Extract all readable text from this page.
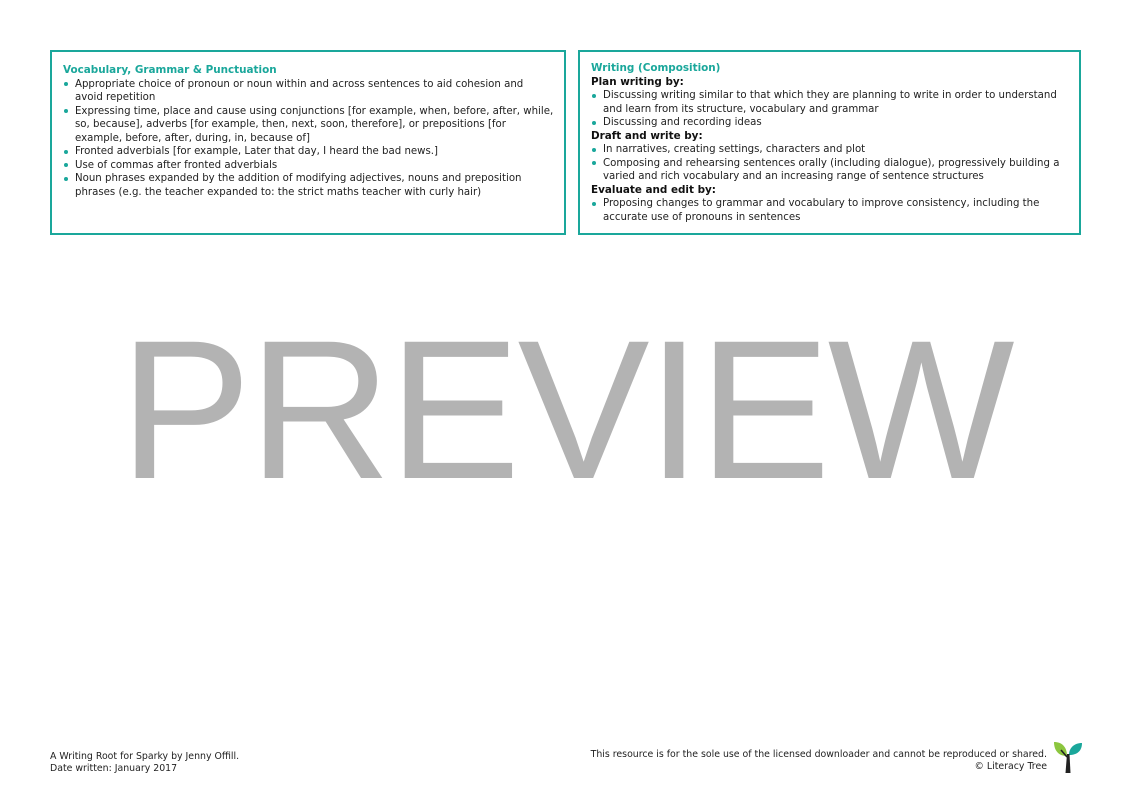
Vocabulary, Grammar & Punctuation

Appropriate choice of pronoun or noun within and across sentences to aid cohesion and avoid repetition
Expressing time, place and cause using conjunctions [for example, when, before, after, while, so, because], adverbs [for example, then, next, soon, therefore], or prepositions [for example, before, after, during, in, because of]
Fronted adverbials [for example, Later that day, I heard the bad news.]
Use of commas after fronted adverbials
Noun phrases expanded by the addition of modifying adjectives, nouns and preposition phrases (e.g. the teacher expanded to: the strict maths teacher with curly hair)

Writing (Composition)

Plan writing by:

Discussing writing similar to that which they are planning to write in order to understand and learn from its structure, vocabulary and grammar
Discussing and recording ideas

Draft and write by:

In narratives, creating settings, characters and plot
Composing and rehearsing sentences orally (including dialogue), progressively building a varied and rich vocabulary and an increasing range of sentence structures

Evaluate and edit by:

Proposing changes to grammar and vocabulary to improve consistency, including the accurate use of pronouns in sentences
PREVIEW
A Writing Root for Sparky by Jenny Offill.
Date written: January 2017
This resource is for the sole use of the licensed downloader and cannot be reproduced or shared.
© Literacy Tree
